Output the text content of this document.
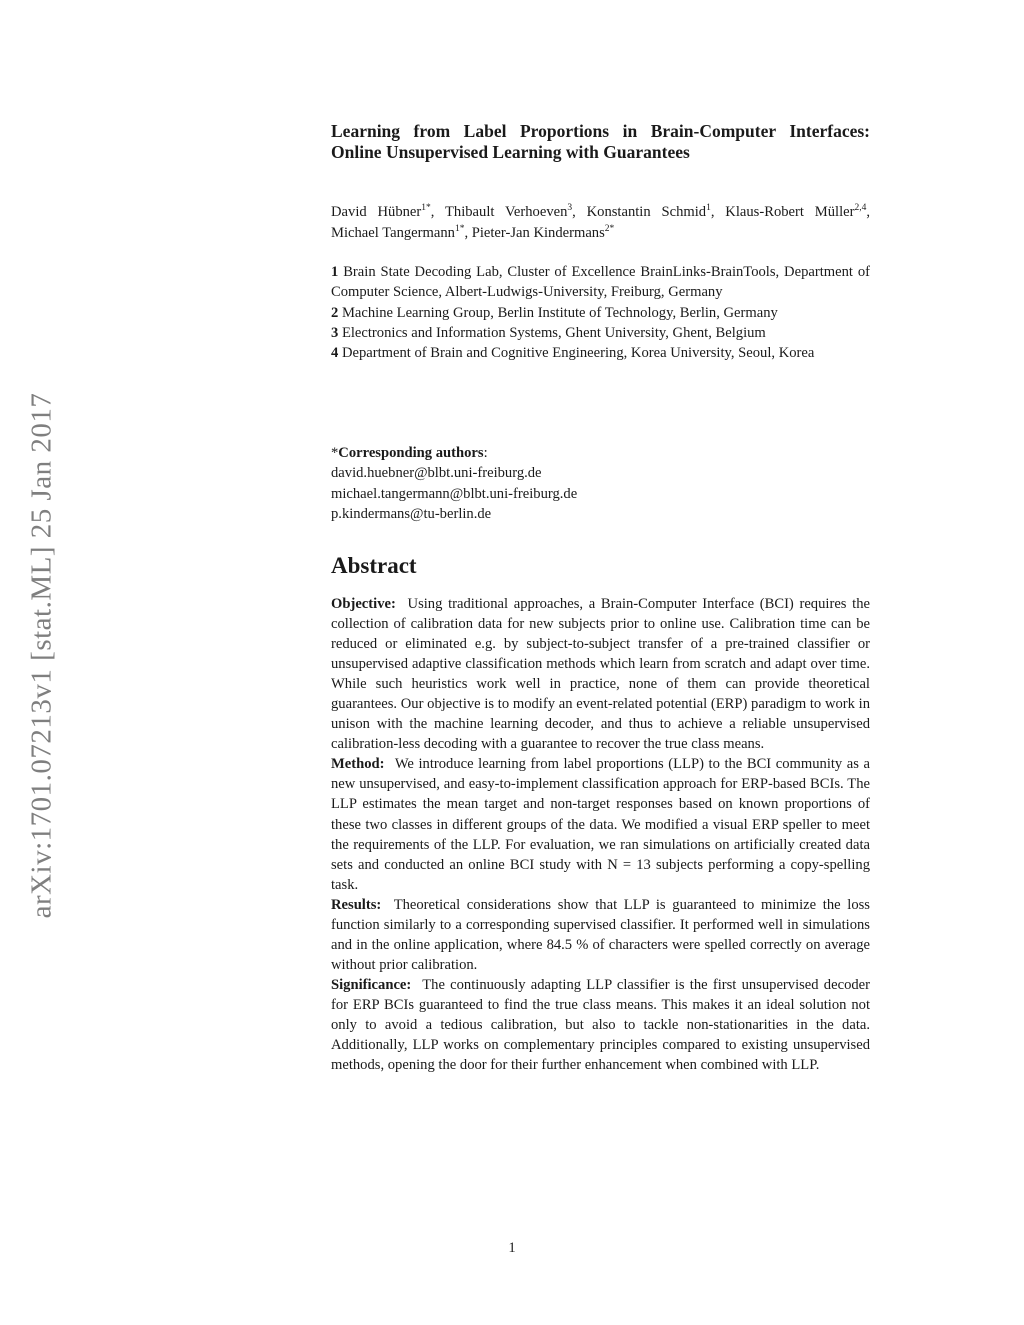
arXiv:1701.07213v1 [stat.ML] 25 Jan 2017
Learning from Label Proportions in Brain-Computer Interfaces: Online Unsupervised Learning with Guarantees

David Hübner$^{1*}$, Thibault Verhoeven$^3$, Konstantin Schmid$^1$, Klaus-Robert Müller$^{2,4}$, Michael Tangermann$^{1*}$, Pieter-Jan Kindermans$^{2*}$

1 Brain State Decoding Lab, Cluster of Excellence BrainLinks-BrainTools, Department of Computer Science, Albert-Ludwigs-University, Freiburg, Germany

2 Machine Learning Group, Berlin Institute of Technology, Berlin, Germany

3 Electronics and Information Systems, Ghent University, Ghent, Belgium

4 Department of Brain and Cognitive Engineering, Korea University, Seoul, Korea

*Corresponding authors:
david.huebner@blbt.uni-freiburg.de
michael.tangermann@blbt.uni-freiburg.de
p.kindermans@tu-berlin.de
Abstract

Objective: Using traditional approaches, a Brain-Computer Interface (BCI) requires the collection of calibration data for new subjects prior to online use. Calibration time can be reduced or eliminated e.g. by subject-to-subject transfer of a pre-trained classifier or unsupervised adaptive classification methods which learn from scratch and adapt over time. While such heuristics work well in practice, none of them can provide theoretical guarantees. Our objective is to modify an event-related potential (ERP) paradigm to work in unison with the machine learning decoder, and thus to achieve a reliable unsupervised calibration-less decoding with a guarantee to recover the true class means.

Method: We introduce learning from label proportions (LLP) to the BCI community as a new unsupervised, and easy-to-implement classification approach for ERP-based BCIs. The LLP estimates the mean target and non-target responses based on known proportions of these two classes in different groups of the data. We modified a visual ERP speller to meet the requirements of the LLP. For evaluation, we ran simulations on artificially created data sets and conducted an online BCI study with N = 13 subjects performing a copy-spelling task.

Results: Theoretical considerations show that LLP is guaranteed to minimize the loss function similarly to a corresponding supervised classifier. It performed well in simulations and in the online application, where 84.5 % of characters were spelled correctly on average without prior calibration.

Significance: The continuously adapting LLP classifier is the first unsupervised decoder for ERP BCIs guaranteed to find the true class means. This makes it an ideal solution not only to avoid a tedious calibration, but also to tackle non-stationarities in the data. Additionally, LLP works on complementary principles compared to existing unsupervised methods, opening the door for their further enhancement when combined with LLP.

1
